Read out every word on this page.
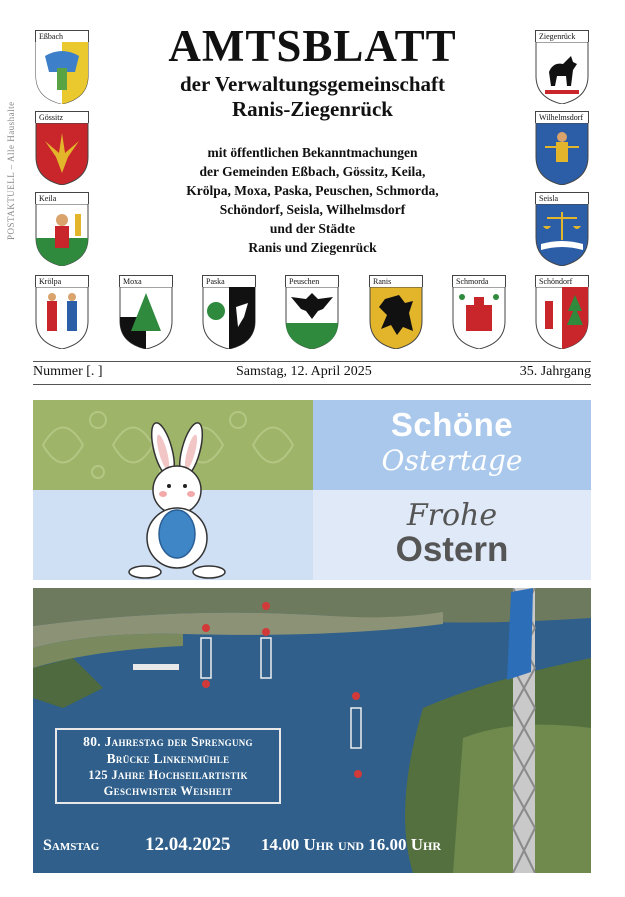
POSTAKTUELL – Alle Haushalte
Eßbach
Gössitz
Keila
Ziegenrück
Wilhelmsdorf
Seisla
Krölpa	Moxa	Paska	Peuschen	Ranis	Schmorda	Schöndorf
AMTSBLATT
der Verwaltungsgemeinschaft
Ranis-Ziegenrück
mit öffentlichen Bekanntmachungen
der Gemeinden Eßbach, Gössitz, Keila,
Krölpa, Moxa, Paska, Peuschen, Schmorda,
Schöndorf, Seisla, Wilhelmsdorf
und der Städte
Ranis und Ziegenrück
Nummer [. ]	Samstag, 12. April 2025	35. Jahrgang
Schöne
Ostertage
Frohe
Ostern
80. Jahrestag der Sprengung
Brücke Linkenmühle
125 Jahre Hochseilartistik
Geschwister Weisheit
Samstag 12.04.2025 14.00 Uhr und 16.00 Uhr
